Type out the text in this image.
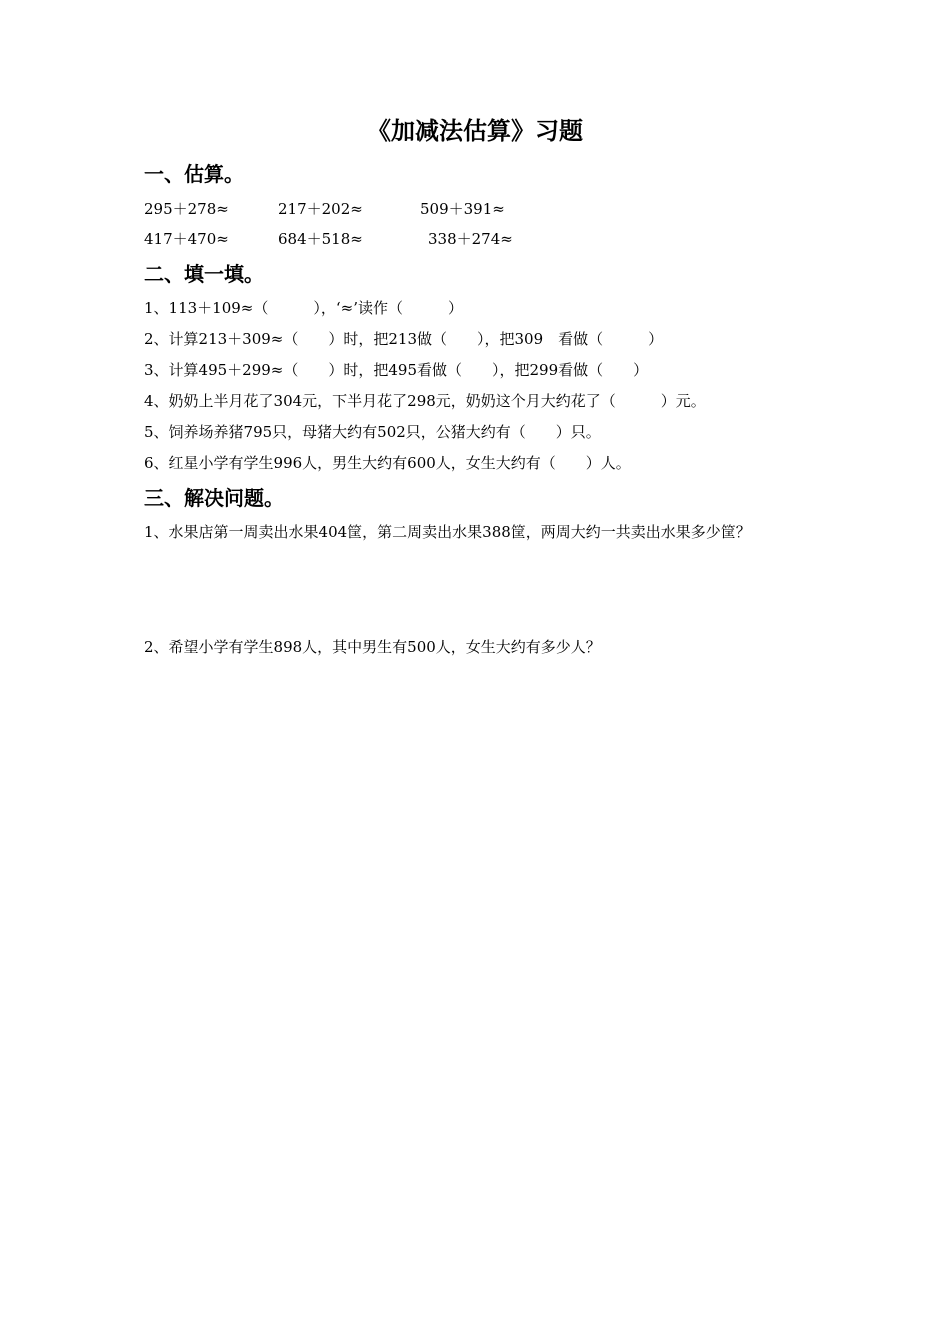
《加减法估算》习题
一、估算。
295＋278≈	217＋202≈	509＋391≈
417＋470≈	684＋518≈	338＋274≈
二、填一填。
1、113＋109≈（　　　），‘≈’读作（　　　）
2、计算213＋309≈（　　）时，把213做（　　），把309　看做（　　　）
3、计算495＋299≈（　　）时，把495看做（　　），把299看做（　　）
4、奶奶上半月花了304元，下半月花了298元，奶奶这个月大约花了（　　　）元。
5、饲养场养猪795只，母猪大约有502只，公猪大约有（　　）只。
6、红星小学有学生996人，男生大约有600人，女生大约有（　　）人。
三、解决问题。
1、水果店第一周卖出水果404筐，第二周卖出水果388筐，两周大约一共卖出水果多少筐？
2、希望小学有学生898人，其中男生有500人，女生大约有多少人？
